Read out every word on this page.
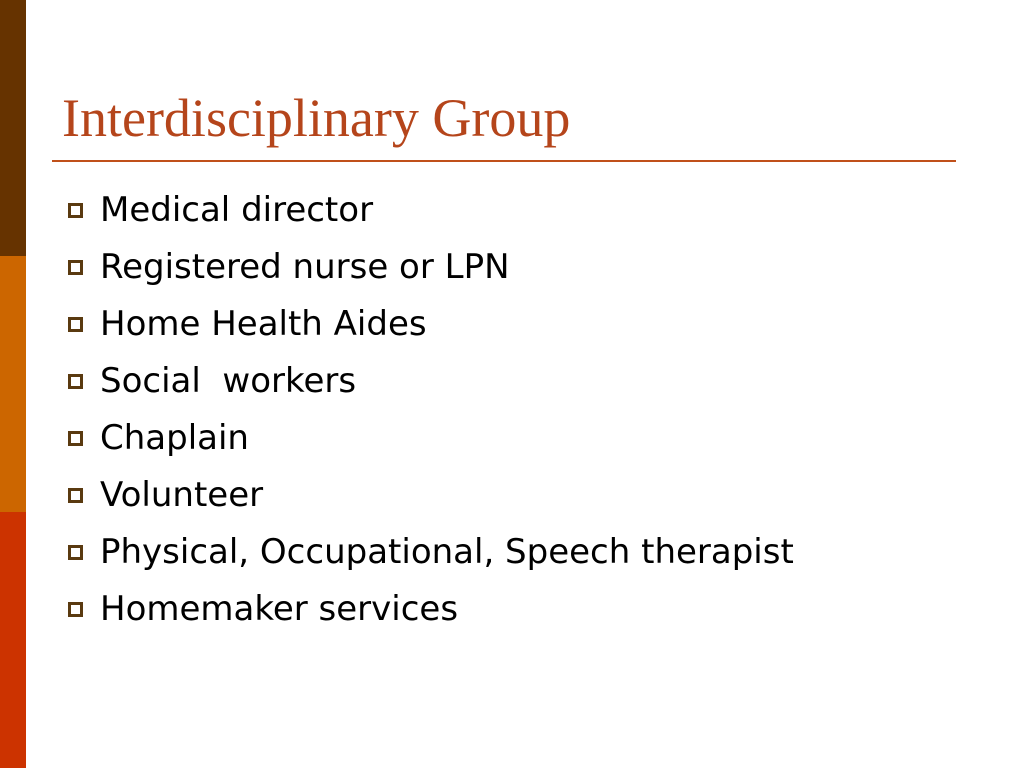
Interdisciplinary Group
Medical director
Registered nurse or LPN
Home Health Aides
Social  workers
Chaplain
Volunteer
Physical, Occupational, Speech therapist
Homemaker services
